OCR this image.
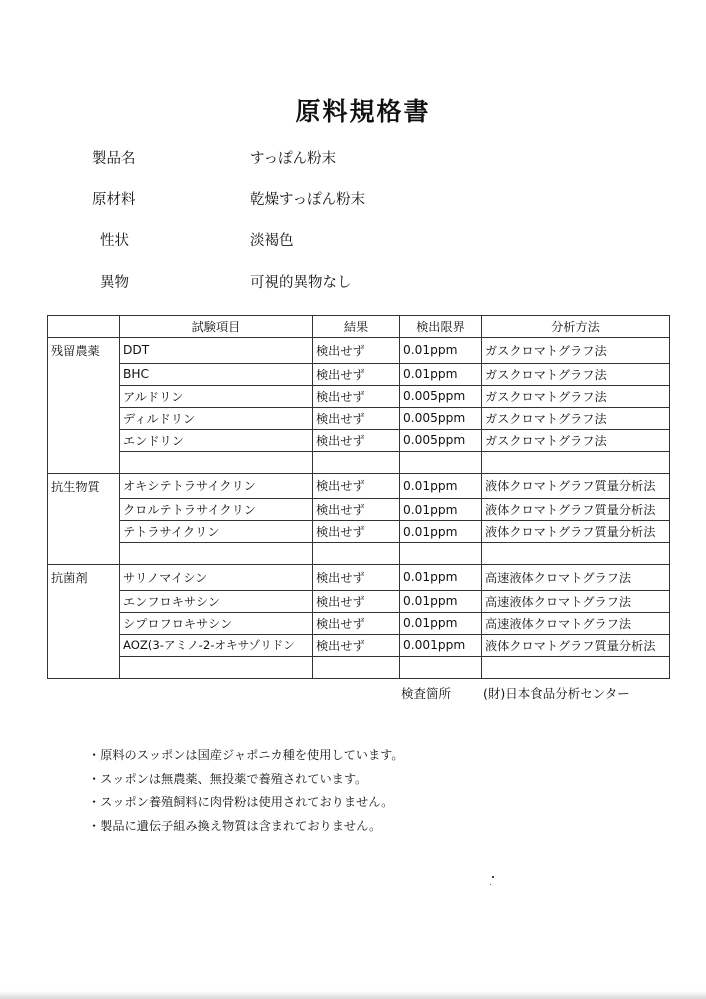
原料規格書
製品名	すっぽん粉末
原材料	乾燥すっぽん粉末
性状	淡褐色
異物	可視的異物なし
	試験項目	結果	検出限界	分析方法
残留農薬	DDT	検出せず	0.01ppm	ガスクロマトグラフ法
	BHC	検出せず	0.01ppm	ガスクロマトグラフ法
	アルドリン	検出せず	0.005ppm	ガスクロマトグラフ法
	ディルドリン	検出せず	0.005ppm	ガスクロマトグラフ法
	エンドリン	検出せず	0.005ppm	ガスクロマトグラフ法

抗生物質	オキシテトラサイクリン	検出せず	0.01ppm	液体クロマトグラフ質量分析法
	クロルテトラサイクリン	検出せず	0.01ppm	液体クロマトグラフ質量分析法
	テトラサイクリン	検出せず	0.01ppm	液体クロマトグラフ質量分析法

抗菌剤	サリノマイシン	検出せず	0.01ppm	高速液体クロマトグラフ法
	エンフロキサシン	検出せず	0.01ppm	高速液体クロマトグラフ法
	シプロフロキサシン	検出せず	0.01ppm	高速液体クロマトグラフ法
	AOZ(3-アミノ-2-オキサゾリドン	検出せず	0.001ppm	液体クロマトグラフ質量分析法

検査箇所	(財)日本食品分析センター
・原料のスッポンは国産ジャポニカ種を使用しています。
・スッポンは無農薬、無投薬で養殖されています。
・スッポン養殖飼料に肉骨粉は使用されておりません。
・製品に遺伝子組み換え物質は含まれておりません。
